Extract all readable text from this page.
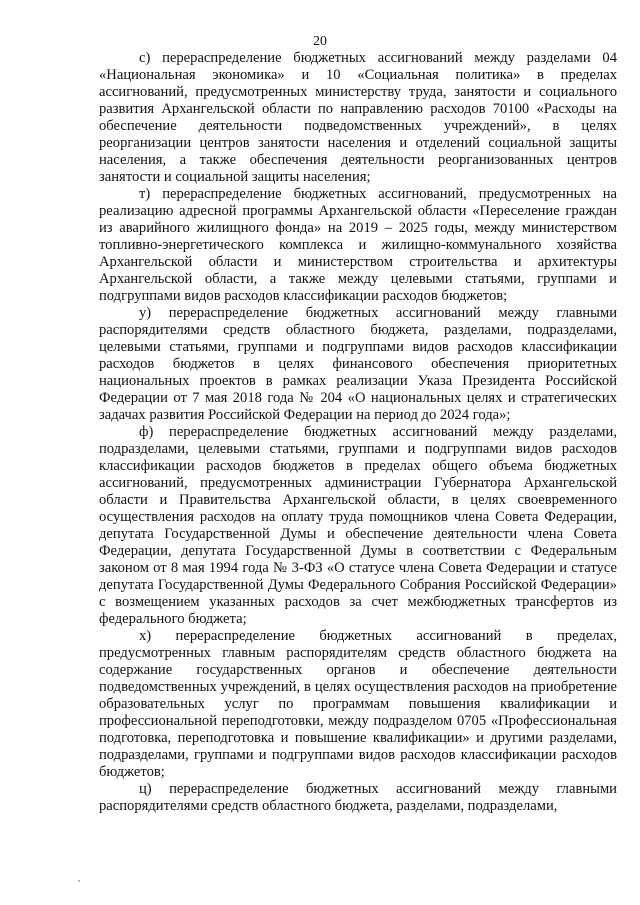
20

с) перераспределение бюджетных ассигнований между разделами 04 «Национальная экономика» и 10 «Социальная политика» в пределах ассигнований, предусмотренных министерству труда, занятости и социального развития Архангельской области по направлению расходов 70100 «Расходы на обеспечение деятельности подведомственных учреждений», в целях реорганизации центров занятости населения и отделений социальной защиты населения, а также обеспечения деятельности реорганизованных центров занятости и социальной защиты населения;

т) перераспределение бюджетных ассигнований, предусмотренных на реализацию адресной программы Архангельской области «Переселение граждан из аварийного жилищного фонда» на 2019 – 2025 годы, между министерством топливно-энергетического комплекса и жилищно-коммунального хозяйства Архангельской области и министерством строительства и архитектуры Архангельской области, а также между целевыми статьями, группами и подгруппами видов расходов классификации расходов бюджетов;

у) перераспределение бюджетных ассигнований между главными распорядителями средств областного бюджета, разделами, подразделами, целевыми статьями, группами и подгруппами видов расходов классификации расходов бюджетов в целях финансового обеспечения приоритетных национальных проектов в рамках реализации Указа Президента Российской Федерации от 7 мая 2018 года № 204 «О национальных целях и стратегических задачах развития Российской Федерации на период до 2024 года»;

ф) перераспределение бюджетных ассигнований между разделами, подразделами, целевыми статьями, группами и подгруппами видов расходов классификации расходов бюджетов в пределах общего объема бюджетных ассигнований, предусмотренных администрации Губернатора Архангельской области и Правительства Архангельской области, в целях своевременного осуществления расходов на оплату труда помощников члена Совета Федерации, депутата Государственной Думы и обеспечение деятельности члена Совета Федерации, депутата Государственной Думы в соответствии с Федеральным законом от 8 мая 1994 года № 3-ФЗ «О статусе члена Совета Федерации и статусе депутата Государственной Думы Федерального Собрания Российской Федерации» с возмещением указанных расходов за счет межбюджетных трансфертов из федерального бюджета;

х) перераспределение бюджетных ассигнований в пределах, предусмотренных главным распорядителям средств областного бюджета на содержание государственных органов и обеспечение деятельности подведомственных учреждений, в целях осуществления расходов на приобретение образовательных услуг по программам повышения квалификации и профессиональной переподготовки, между подразделом 0705 «Профессиональная подготовка, переподготовка и повышение квалификации» и другими разделами, подразделами, группами и подгруппами видов расходов классификации расходов бюджетов;

ц) перераспределение бюджетных ассигнований между главными распорядителями средств областного бюджета, разделами, подразделами,
